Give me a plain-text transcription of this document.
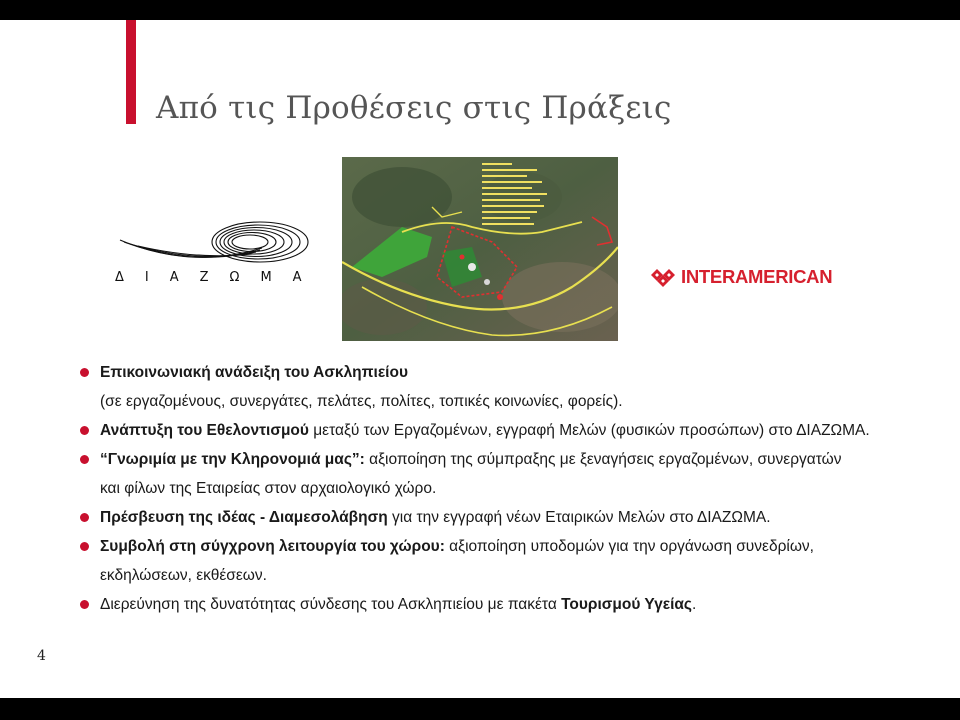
Από τις Προθέσεις στις Πράξεις
ΔΙΑΖΩΜΑ	INTERAMERICAN
Επικοινωνιακή ανάδειξη του Ασκληπιείου
(σε εργαζομένους, συνεργάτες, πελάτες, πολίτες, τοπικές κοινωνίες, φορείς).
Ανάπτυξη του Εθελοντισμού μεταξύ των Εργαζομένων, εγγραφή Μελών (φυσικών προσώπων) στο ΔΙΑΖΩΜΑ.
“Γνωριμία με την Κληρονομιά μας”: αξιοποίηση της σύμπραξης με ξεναγήσεις εργαζομένων, συνεργατών
και φίλων της Εταιρείας στον αρχαιολογικό χώρο.
Πρέσβευση της ιδέας - Διαμεσολάβηση για την εγγραφή νέων Εταιρικών Μελών στο ΔΙΑΖΩΜΑ.
Συμβολή στη σύγχρονη λειτουργία του χώρου: αξιοποίηση υποδομών για την οργάνωση συνεδρίων,
εκδηλώσεων, εκθέσεων.
Διερεύνηση της δυνατότητας σύνδεσης του Ασκληπιείου με πακέτα Τουρισμού Υγείας.
4
